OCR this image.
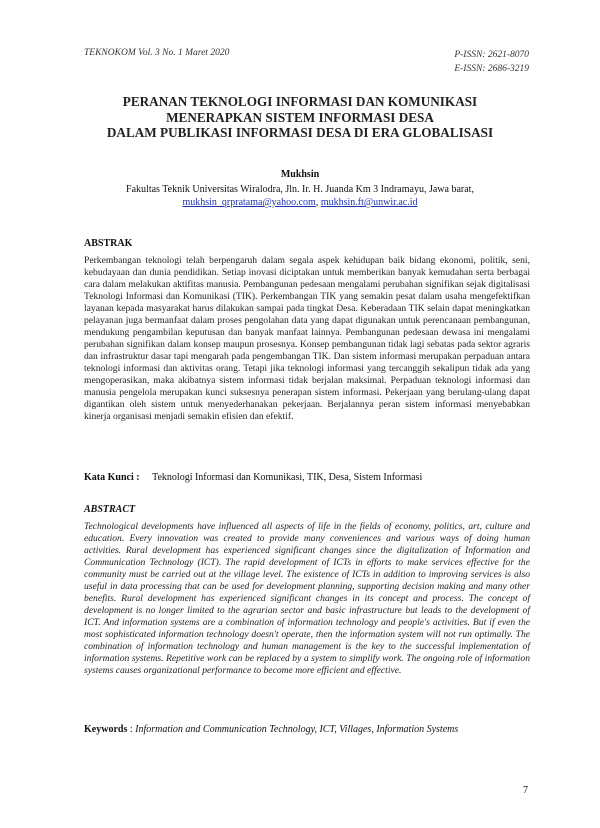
TEKNOKOM Vol. 3 No. 1 Maret 2020	P-ISSN: 2621-8070
E-ISSN: 2686-3219
PERANAN TEKNOLOGI INFORMASI DAN KOMUNIKASI
MENERAPKAN SISTEM INFORMASI DESA
DALAM PUBLIKASI INFORMASI DESA DI ERA GLOBALISASI
Mukhsin
Fakultas Teknik Universitas Wiralodra, Jln. Ir. H. Juanda Km 3 Indramayu, Jawa barat,
mukhsin_qrpratama@yahoo.com, mukhsin.ft@unwir.ac.id
ABSTRAK
Perkembangan teknologi telah berpengaruh dalam segala aspek kehidupan baik bidang ekonomi, politik, seni, kebudayaan dan dunia pendidikan. Setiap inovasi diciptakan untuk memberikan banyak kemudahan serta berbagai cara dalam melakukan aktifitas manusia. Pembangunan pedesaan mengalami perubahan signifikan sejak digitalisasi Teknologi Informasi dan Komunikasi (TIK). Perkembangan TIK yang semakin pesat dalam usaha mengefektifkan layanan kepada masyarakat harus dilakukan sampai pada tingkat Desa. Keberadaan TIK selain dapat meningkatkan pelayanan juga bermanfaat dalam proses pengolahan data yang dapat digunakan untuk perencanaan pembangunan, mendukung pengambilan keputusan dan banyak manfaat lainnya. Pembangunan pedesaan dewasa ini mengalami perubahan signifikan dalam konsep maupun prosesnya. Konsep pembangunan tidak lagi sebatas pada sektor agraris dan infrastruktur dasar tapi mengarah pada pengembangan TIK. Dan sistem informasi merupakan perpaduan antara teknologi informasi dan aktivitas orang. Tetapi jika teknologi informasi yang tercanggih sekalipun tidak ada yang mengoperasikan, maka akibatnya sistem informasi tidak berjalan maksimal. Perpaduan teknologi informasi dan manusia pengelola merupakan kunci suksesnya penerapan sistem informasi. Pekerjaan yang berulang-ulang dapat digantikan oleh sistem untuk menyederhanakan pekerjaan. Berjalannya peran sistem informasi menyebabkan kinerja organisasi menjadi semakin efisien dan efektif.
Kata Kunci : Teknologi Informasi dan Komunikasi, TIK, Desa, Sistem Informasi
ABSTRACT
Technological developments have influenced all aspects of life in the fields of economy, politics, art, culture and education. Every innovation was created to provide many conveniences and various ways of doing human activities. Rural development has experienced significant changes since the digitalization of Information and Communication Technology (ICT). The rapid development of ICTs in efforts to make services effective for the community must be carried out at the village level. The existence of ICTs in addition to improving services is also useful in data processing that can be used for development planning, supporting decision making and many other benefits. Rural development has experienced significant changes in its concept and process. The concept of development is no longer limited to the agrarian sector and basic infrastructure but leads to the development of ICT. And information systems are a combination of information technology and people's activities. But if even the most sophisticated information technology doesn't operate, then the information system will not run optimally. The combination of information technology and human management is the key to the successful implementation of information systems. Repetitive work can be replaced by a system to simplify work. The ongoing role of information systems causes organizational performance to become more efficient and effective.
Keywords : Information and Communication Technology, ICT, Villages, Information Systems
7
